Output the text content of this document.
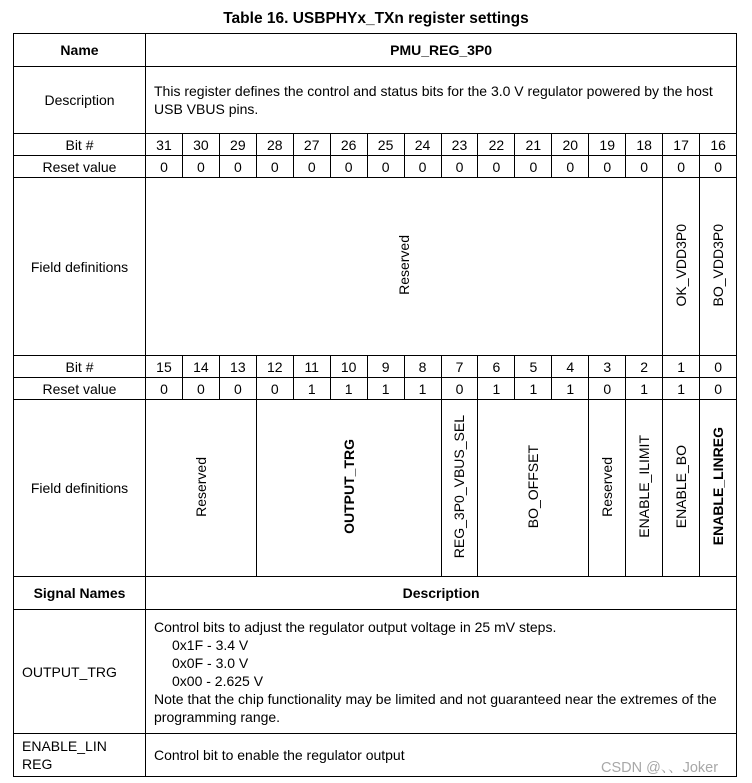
Table 16. USBPHYx_TXn register settings
Name	PMU_REG_3P0															
Description	This register defines the control and status bits for the 3.0 V regulator powered by the host USB VBUS pins.															
Bit #	31	30	29	28	27	26	25	24	23	22	21	20	19	18	17	16
Reset value	0	0	0	0	0	0	0	0	0	0	0	0	0	0	0	0
Field definitions	Reserved														OK_VDD3P0	BO_VDD3P0
Bit #	15	14	13	12	11	10	9	8	7	6	5	4	3	2	1	0
Reset value	0	0	0	0	1	1	1	1	0	1	1	1	0	1	1	0
Field definitions	Reserved			OUTPUT_TRG					REG_3P0_VBUS_SEL	BO_OFFSET			Reserved	ENABLE_ILIMIT	ENABLE_BO	ENABLE_LINREG
Signal Names	Description															
OUTPUT_TRG	Control bits to adjust the regulator output voltage in 25 mV steps.
0x1F - 3.4 V
0x0F - 3.0 V
0x00 - 2.625 V
Note that the chip functionality may be limited and not guaranteed near the extremes of the programming range.															

ENABLE_LIN REG	Control bit to enable the regulator output															
CSDN @、、Joker
